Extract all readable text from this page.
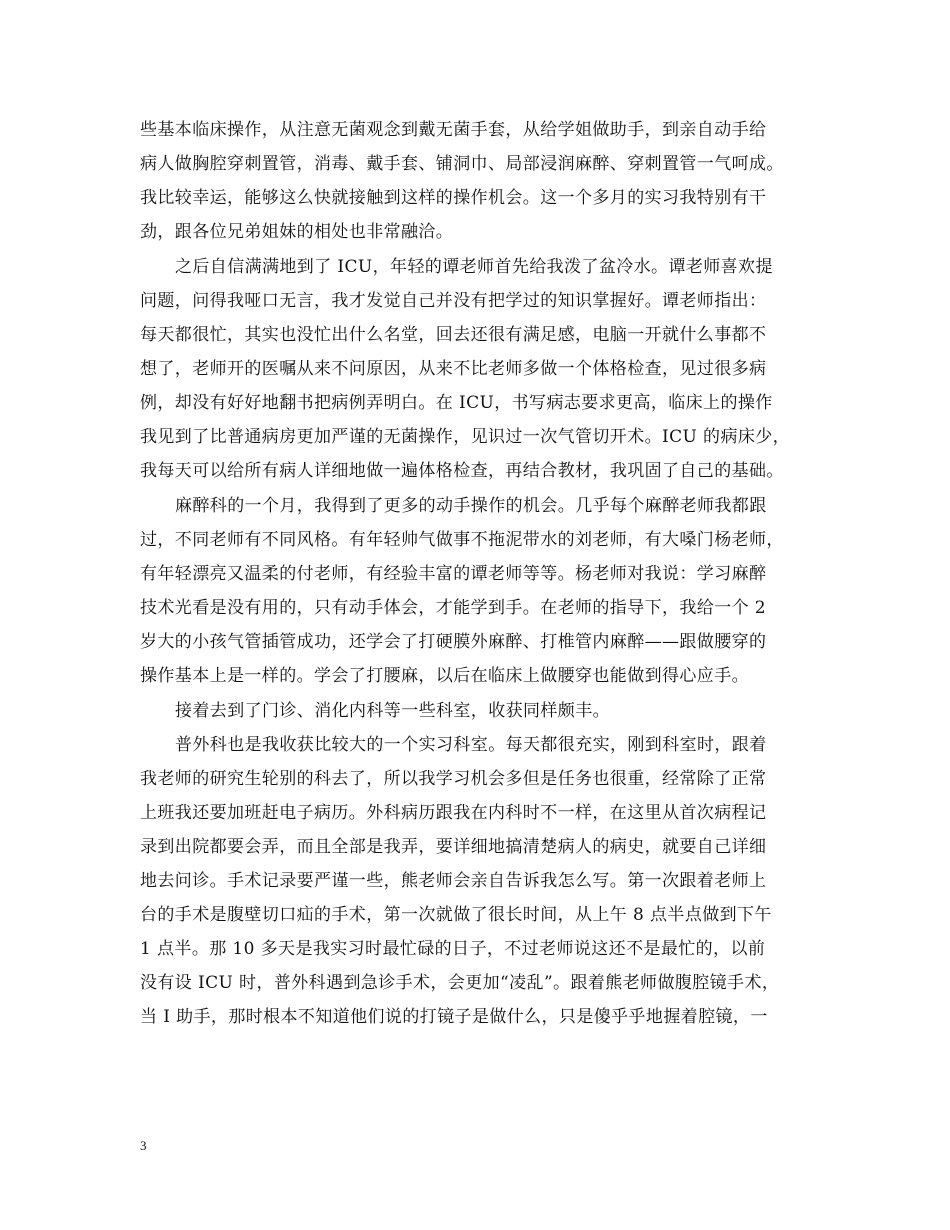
些基本临床操作，从注意无菌观念到戴无菌手套，从给学姐做助手，到亲自动手给
病人做胸腔穿刺置管，消毒、戴手套、铺洞巾、局部浸润麻醉、穿刺置管一气呵成。
我比较幸运，能够这么快就接触到这样的操作机会。这一个多月的实习我特别有干
劲，跟各位兄弟姐妹的相处也非常融洽。
之后自信满满地到了 ICU，年轻的谭老师首先给我泼了盆冷水。谭老师喜欢提
问题，问得我哑口无言，我才发觉自己并没有把学过的知识掌握好。谭老师指出：
每天都很忙，其实也没忙出什么名堂，回去还很有满足感，电脑一开就什么事都不
想了，老师开的医嘱从来不问原因，从来不比老师多做一个体格检查，见过很多病
例，却没有好好地翻书把病例弄明白。在 ICU，书写病志要求更高，临床上的操作
我见到了比普通病房更加严谨的无菌操作，见识过一次气管切开术。ICU 的病床少，
我每天可以给所有病人详细地做一遍体格检查，再结合教材，我巩固了自己的基础。
麻醉科的一个月，我得到了更多的动手操作的机会。几乎每个麻醉老师我都跟
过，不同老师有不同风格。有年轻帅气做事不拖泥带水的刘老师，有大嗓门杨老师，
有年轻漂亮又温柔的付老师，有经验丰富的谭老师等等。杨老师对我说：学习麻醉
技术光看是没有用的，只有动手体会，才能学到手。在老师的指导下，我给一个 2
岁大的小孩气管插管成功，还学会了打硬膜外麻醉、打椎管内麻醉——跟做腰穿的
操作基本上是一样的。学会了打腰麻，以后在临床上做腰穿也能做到得心应手。
接着去到了门诊、消化内科等一些科室，收获同样颇丰。
普外科也是我收获比较大的一个实习科室。每天都很充实，刚到科室时，跟着
我老师的研究生轮别的科去了，所以我学习机会多但是任务也很重，经常除了正常
上班我还要加班赶电子病历。外科病历跟我在内科时不一样，在这里从首次病程记
录到出院都要会弄，而且全部是我弄，要详细地搞清楚病人的病史，就要自己详细
地去问诊。手术记录要严谨一些，熊老师会亲自告诉我怎么写。第一次跟着老师上
台的手术是腹壁切口疝的手术，第一次就做了很长时间，从上午 8 点半点做到下午
1 点半。那 10 多天是我实习时最忙碌的日子，不过老师说这还不是最忙的，以前
没有设 ICU 时，普外科遇到急诊手术，会更加“凌乱”。跟着熊老师做腹腔镜手术，
当 I 助手，那时根本不知道他们说的打镜子是做什么，只是傻乎乎地握着腔镜，一
3
